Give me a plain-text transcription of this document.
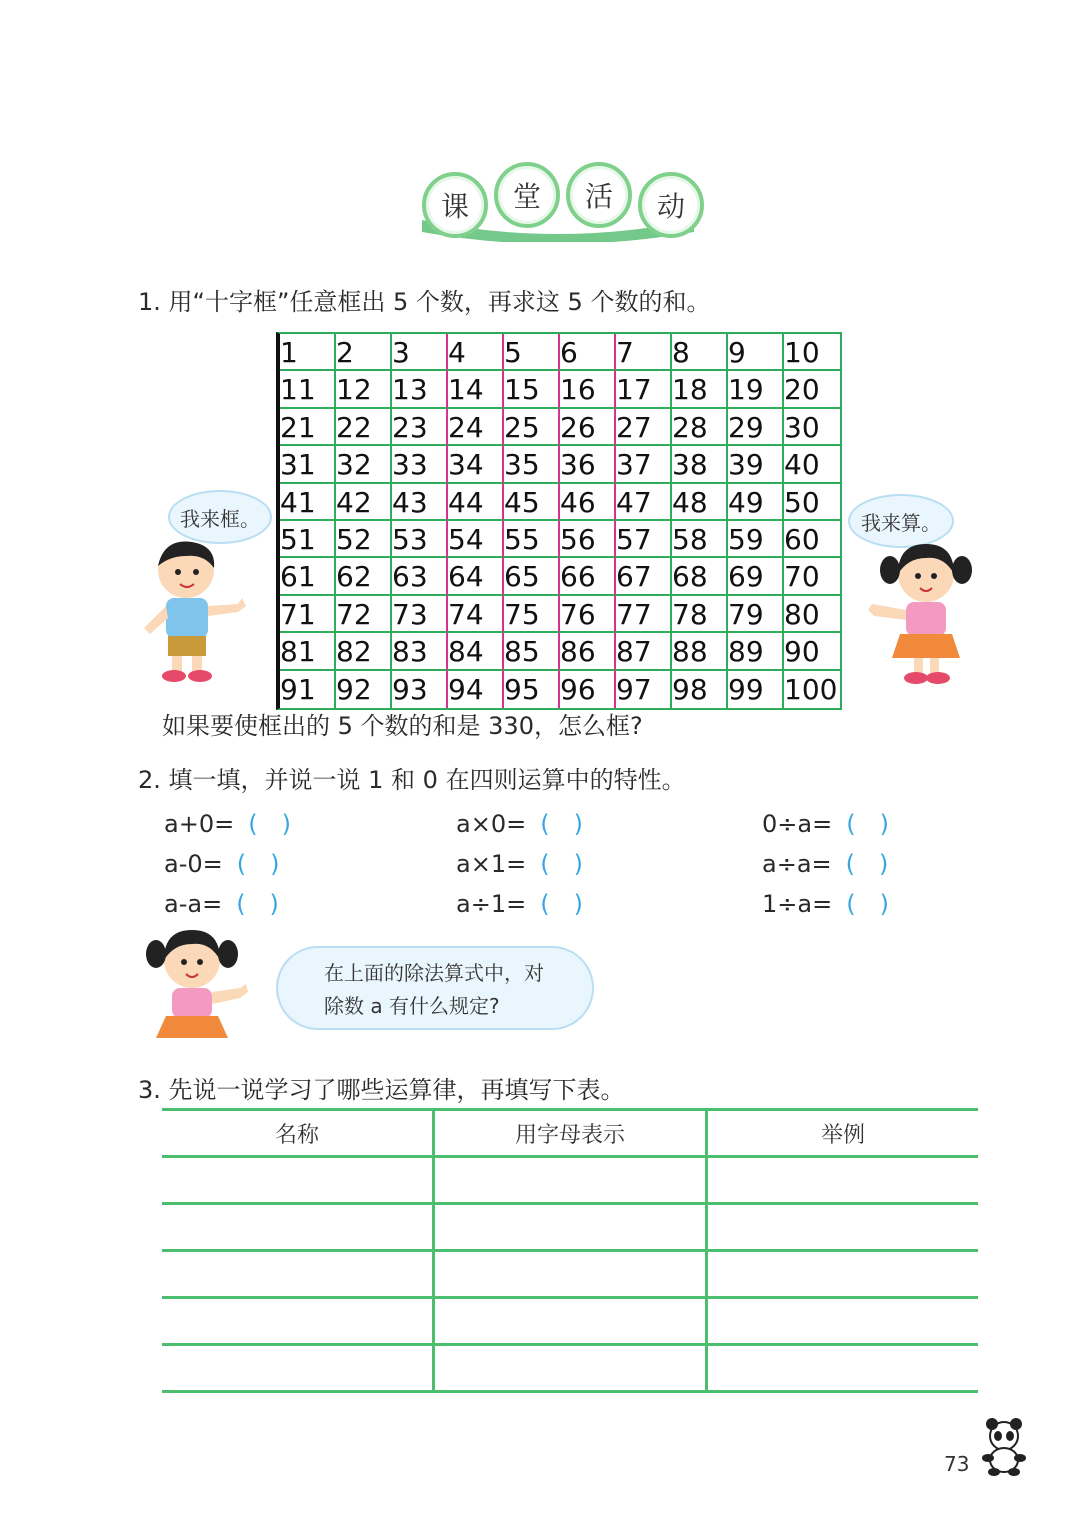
课	堂	活	动
1. 用“十字框”任意框出 5 个数，再求这 5 个数的和。
1	2	3	4	5	6	7	8	9	10
11 12 13 14 15 16 17 18 19 20
21 22 23 24 25 26 27 28 29 30
31 32 33 34 35 36 37 38 39 40
41 42 43 44 45 46 47 48 49 50
51 52 53 54 55 56 57 58 59 60
61 62 63 64 65 66 67 68 69 70
71 72 73 74 75 76 77 78 79 80
81 82 83 84 85 86 87 88 89 90
91 92 93 94 95 96 97 98 99 100
我来框。	我来算。
如果要使框出的 5 个数的和是 330，怎么框?
2. 填一填，并说一说 1 和 0 在四则运算中的特性。
a+0= (　)	a×0= (　)	0÷a= (　)
a-0= (　)	a×1= (　)	a÷a= (　)
a-a= (　)	a÷1= (　)	1÷a= (　)
在上面的除法算式中，对
除数 a 有什么规定?
3. 先说一说学习了哪些运算律，再填写下表。
名称	用字母表示	举例
73
